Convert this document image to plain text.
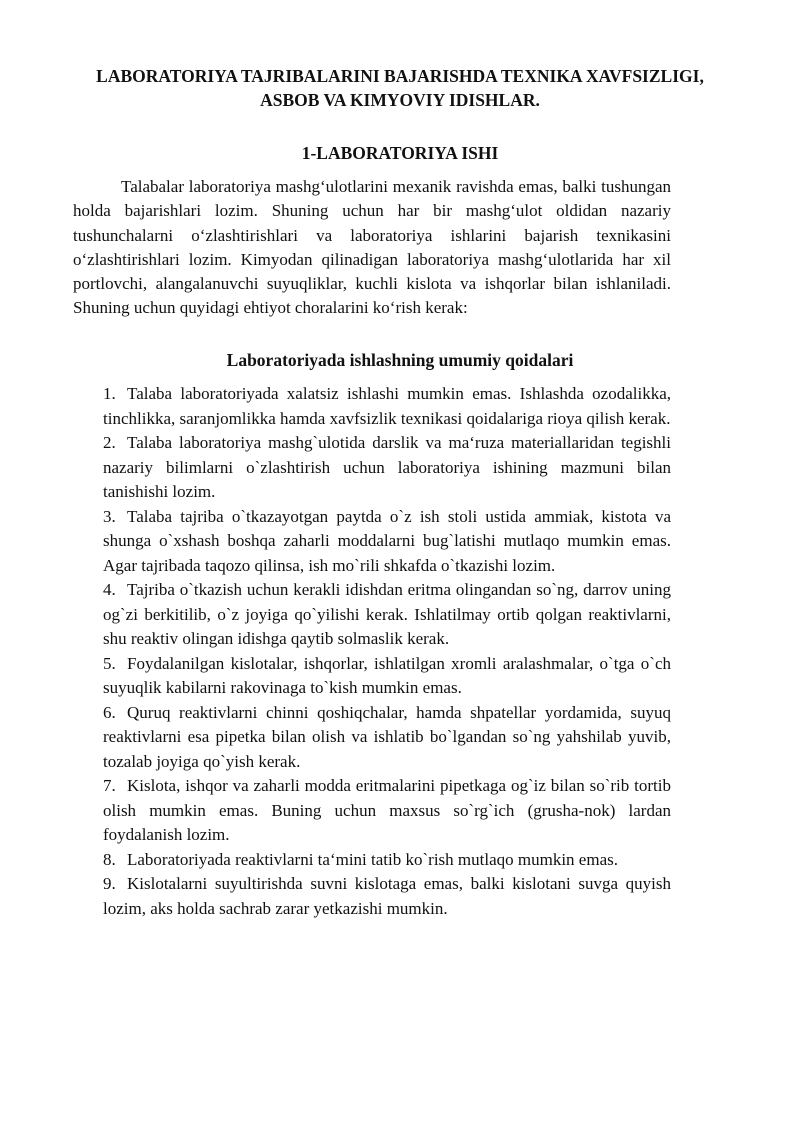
LABORATORIYA TAJRIBALARINI BAJARISHDA TEXNIKA XAVFSIZLIGI, ASBOB VA KIMYOVIY IDISHLAR.
1-LABORATORIYA ISHI

Talabalar laboratoriya mashg‘ulotlarini mexanik ravishda emas, balki tushungan holda bajarishlari lozim. Shuning uchun har bir mashg‘ulot oldidan nazariy tushunchalarni o‘zlashtirishlari va laboratoriya ishlarini bajarish texnikasini o‘zlashtirishlari lozim. Kimyodan qilinadigan laboratoriya mashg‘ulotlarida har xil portlovchi, alangalanuvchi suyuqliklar, kuchli kislota va ishqorlar bilan ishlaniladi. Shuning uchun quyidagi ehtiyot choralarini ko‘rish kerak:

Laboratoriyada ishlashning umumiy qoidalari
1. Talaba laboratoriyada xalatsiz ishlashi mumkin emas. Ishlashda ozodalikka, tinchlikka, saranjomlikka hamda xavfsizlik texnikasi qoidalariga rioya qilish kerak.
2. Talaba laboratoriya mashg`ulotida darslik va ma‘ruza materiallaridan tegishli nazariy bilimlarni o`zlashtirish uchun laboratoriya ishining mazmuni bilan tanishishi lozim.
3. Talaba tajriba o`tkazayotgan paytda o`z ish stoli ustida ammiak, kistota va shunga o`xshash boshqa zaharli moddalarni bug`latishi mutlaqo mumkin emas. Agar tajribada taqozo qilinsa, ish mo`rili shkafda o`tkazishi lozim.
4. Tajriba o`tkazish uchun kerakli idishdan eritma olingandan so`ng, darrov uning og`zi berkitilib, o`z joyiga qo`yilishi kerak. Ishlatilmay ortib qolgan reaktivlarni, shu reaktiv olingan idishga qaytib solmaslik kerak.
5. Foydalanilgan kislotalar, ishqorlar, ishlatilgan xromli aralashmalar, o`tga o`ch suyuqlik kabilarni rakovinaga to`kish mumkin emas.
6. Quruq reaktivlarni chinni qoshiqchalar, hamda shpatellar yordamida, suyuq reaktivlarni esa pipetka bilan olish va ishlatib bo`lgandan so`ng yahshilab yuvib, tozalab joyiga qo`yish kerak.
7. Kislota, ishqor va zaharli modda eritmalarini pipetkaga og`iz bilan so`rib tortib olish mumkin emas. Buning uchun maxsus so`rg`ich (grusha-nok) lardan foydalanish lozim.
8. Laboratoriyada reaktivlarni ta‘mini tatib ko`rish mutlaqo mumkin emas.
9. Kislotalarni suyultirishda suvni kislotaga emas, balki kislotani suvga quyish lozim, aks holda sachrab zarar yetkazishi mumkin.
